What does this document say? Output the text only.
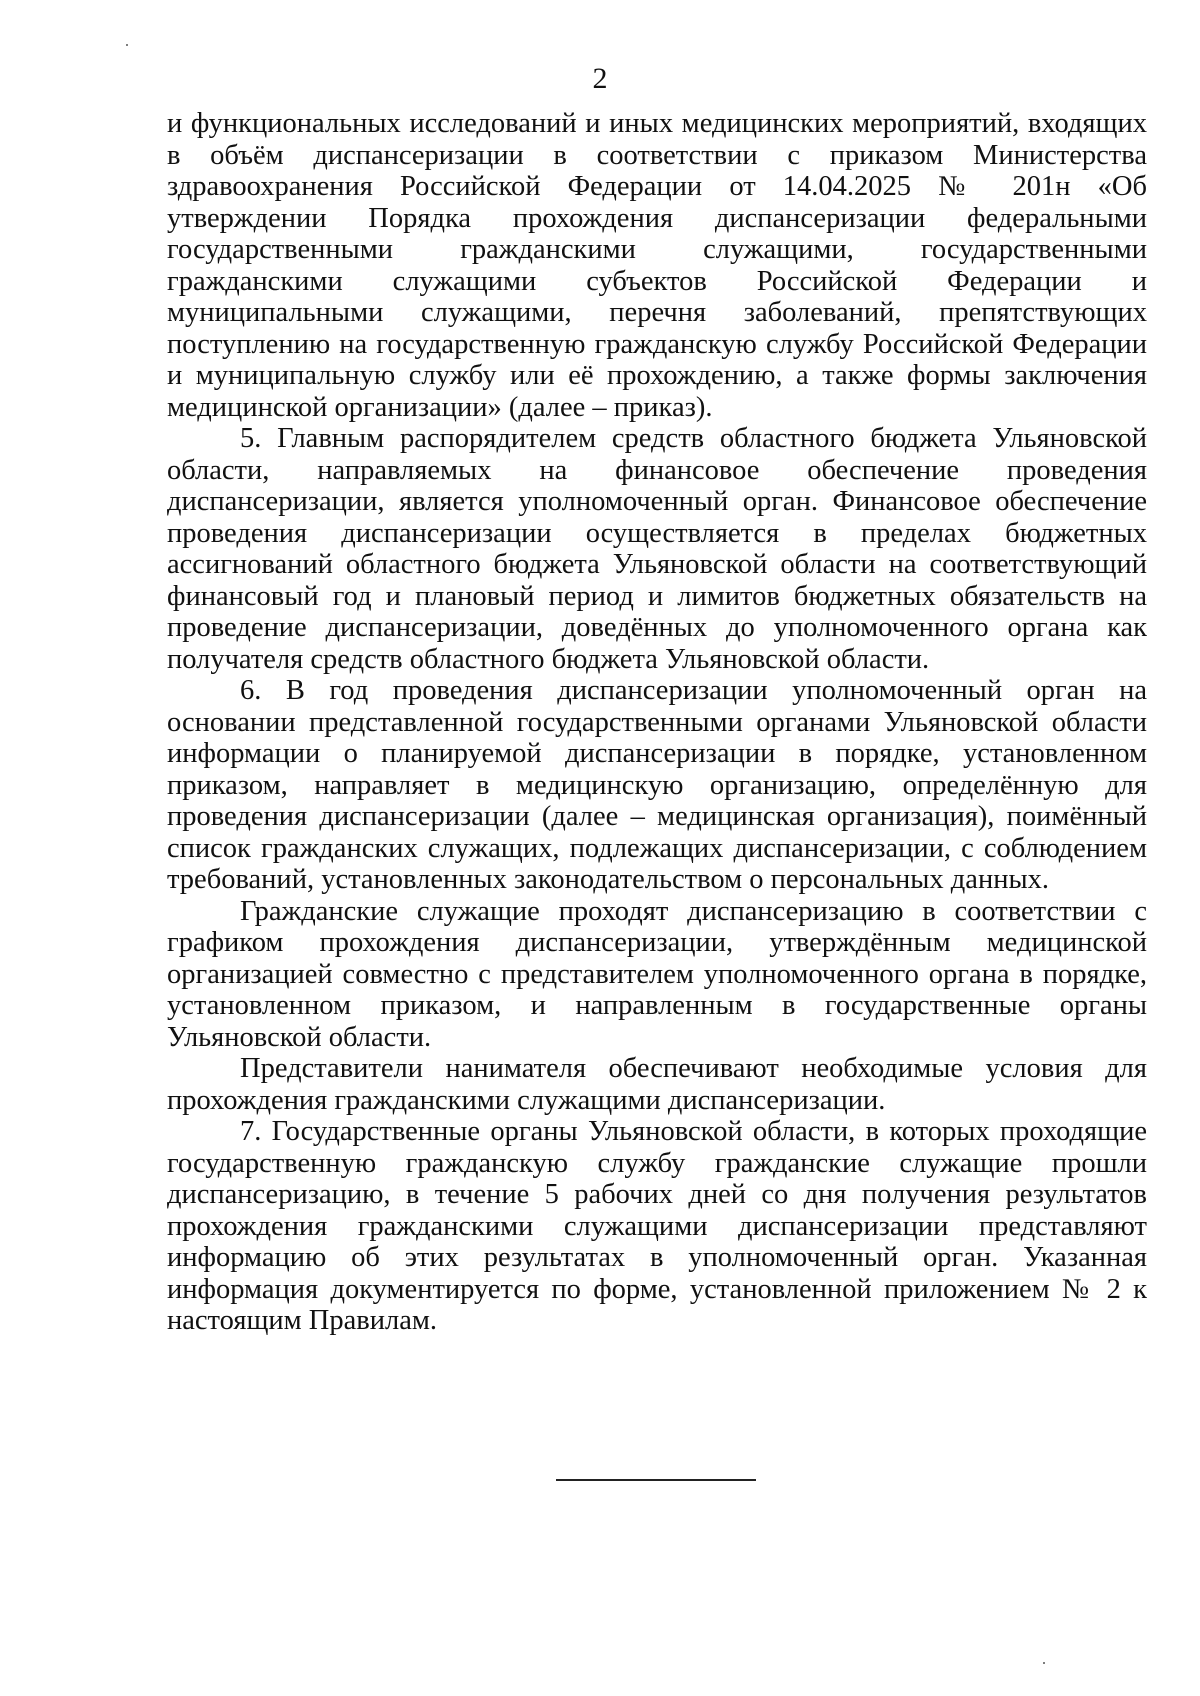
2

и функциональных исследований и иных медицинских мероприятий, входящих в объём диспансеризации в соответствии с приказом Министерства здравоохранения Российской Федерации от 14.04.2025 № 201н «Об утверждении Порядка прохождения диспансеризации федеральными государственными гражданскими служащими, государственными гражданскими служащими субъектов Российской Федерации и муниципальными служащими, перечня заболеваний, препятствующих поступлению на государственную гражданскую службу Российской Федерации и муниципальную службу или её прохождению, а также формы заключения медицинской организации» (далее – приказ).

5. Главным распорядителем средств областного бюджета Ульяновской области, направляемых на финансовое обеспечение проведения диспансеризации, является уполномоченный орган. Финансовое обеспечение проведения диспансеризации осуществляется в пределах бюджетных ассигнований областного бюджета Ульяновской области на соответствующий финансовый год и плановый период и лимитов бюджетных обязательств на проведение диспансеризации, доведённых до уполномоченного органа как получателя средств областного бюджета Ульяновской области.

6. В год проведения диспансеризации уполномоченный орган на основании представленной государственными органами Ульяновской области информации о планируемой диспансеризации в порядке, установленном приказом, направляет в медицинскую организацию, определённую для проведения диспансеризации (далее – медицинская организация), поимённый список гражданских служащих, подлежащих диспансеризации, с соблюдением требований, установленных законодательством о персональных данных.

Гражданские служащие проходят диспансеризацию в соответствии с графиком прохождения диспансеризации, утверждённым медицинской организацией совместно с представителем уполномоченного органа в порядке, установленном приказом, и направленным в государственные органы Ульяновской области.

Представители нанимателя обеспечивают необходимые условия для прохождения гражданскими служащими диспансеризации.

7. Государственные органы Ульяновской области, в которых проходящие государственную гражданскую службу гражданские служащие прошли диспансеризацию, в течение 5 рабочих дней со дня получения результатов прохождения гражданскими служащими диспансеризации представляют информацию об этих результатах в уполномоченный орган. Указанная информация документируется по форме, установленной приложением № 2 к настоящим Правилам.
